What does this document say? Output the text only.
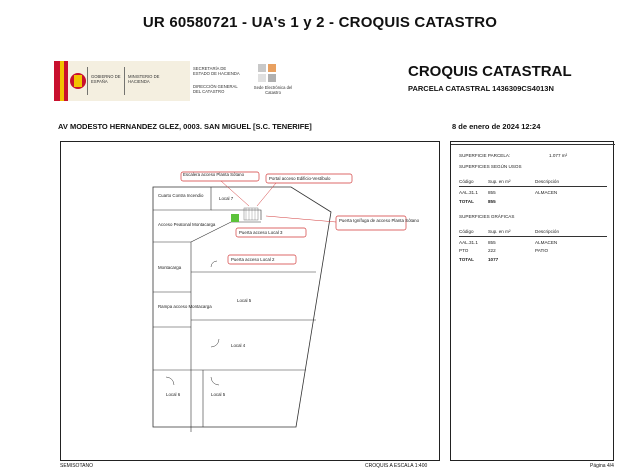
UR 60580721 - UA's 1 y 2 - CROQUIS CATASTRO
GOBIERNO DE ESPAÑA
MINISTERIO DE HACIENDA
SECRETARÍA DE ESTADO DE HACIENDA
DIRECCIÓN GENERAL DEL CATASTRO
Sede Electrónica del Catastro
CROQUIS CATASTRAL
PARCELA CATASTRAL 1436309CS4013N
AV MODESTO HERNANDEZ GLEZ, 0003. SAN MIGUEL [S.C. TENERIFE]	8 de enero de 2024 12:24
Escalera acceso Planta Sótano
Portal acceso Edificio-Vestíbulo
Puerta Ignífuga de acceso Planta Sótano
Puerta acceso Local 3
Puerta acceso Local 2
Cuarto Contra Incendio
Local 7
Acceso Peatonal Montacarga
Montacarga
Rampa acceso Montacarga
Local 5
Local 4
Local 6	Local 5
SUPERFICIE PARCELA:	1.077 m²
SUPERFICIES SEGÚN USOS
Código	Sup. en m²	Descripción
AAL.31.1 855	ALMACEN
TOTAL	855
SUPERFICIES GRÁFICAS
Código	Sup. en m²	Descripción
AAL.31.1 855	ALMACEN
PTO	222	PATIO
TOTAL	1077
SEMISOTANO	CROQUIS A ESCALA 1:400	Página 4/4
